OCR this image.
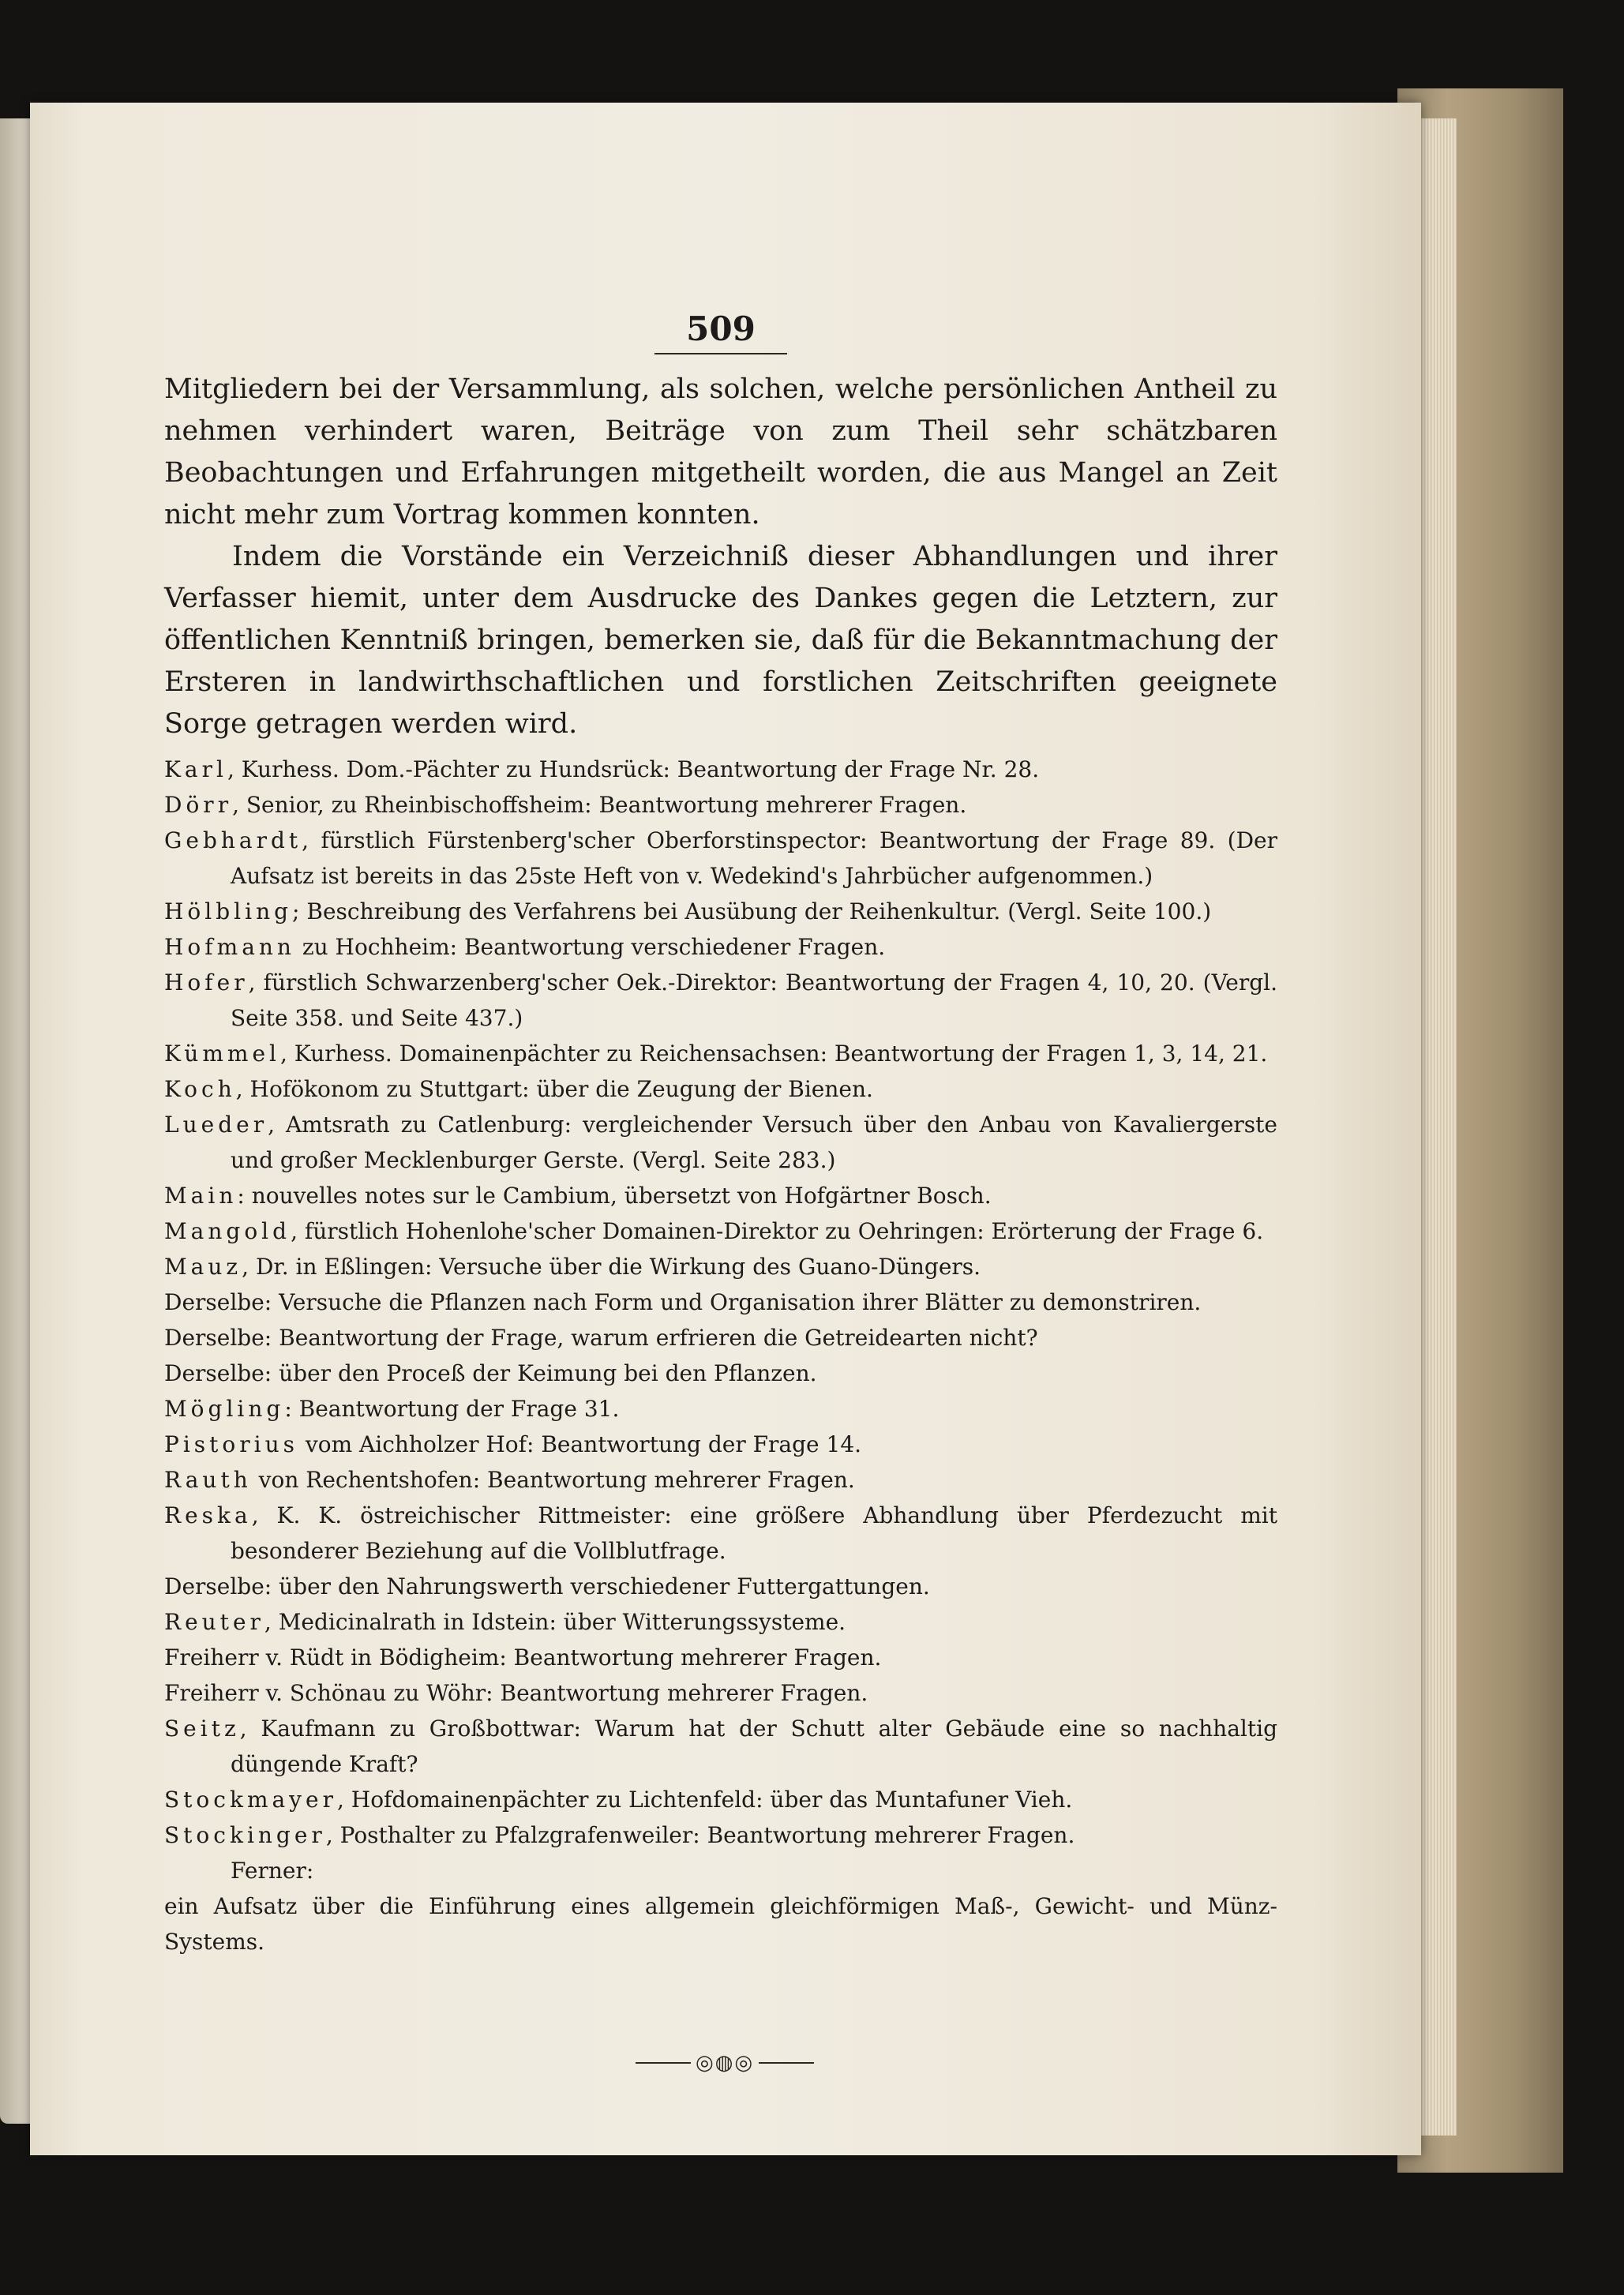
509

Mitgliedern bei der Versammlung, als solchen, welche persönlichen Antheil zu nehmen verhindert waren, Beiträge von zum Theil sehr schätzbaren Beobachtungen und Erfahrungen mitgetheilt worden, die aus Mangel an Zeit nicht mehr zum Vortrag kommen konnten.

Indem die Vorstände ein Verzeichniß dieser Abhandlungen und ihrer Verfasser hiemit, unter dem Ausdrucke des Dankes gegen die Letztern, zur öffentlichen Kenntniß bringen, bemerken sie, daß für die Bekanntmachung der Ersteren in landwirthschaftlichen und forstlichen Zeitschriften geeignete Sorge getragen werden wird.

Karl, Kurhess. Dom.-Pächter zu Hundsrück: Beantwortung der Frage Nr. 28.

Dörr, Senior, zu Rheinbischoffsheim: Beantwortung mehrerer Fragen.

Gebhardt, fürstlich Fürstenberg'scher Oberforstinspector: Beantwortung der Frage 89. (Der Aufsatz ist bereits in das 25ste Heft von v. Wedekind's Jahrbücher aufgenommen.)

Hölbling; Beschreibung des Verfahrens bei Ausübung der Reihenkultur. (Vergl. Seite 100.)

Hofmann zu Hochheim: Beantwortung verschiedener Fragen.

Hofer, fürstlich Schwarzenberg'scher Oek.-Direktor: Beantwortung der Fragen 4, 10, 20. (Vergl. Seite 358. und Seite 437.)

Kümmel, Kurhess. Domainenpächter zu Reichensachsen: Beantwortung der Fragen 1, 3, 14, 21.

Koch, Hofökonom zu Stuttgart: über die Zeugung der Bienen.

Lueder, Amtsrath zu Catlenburg: vergleichender Versuch über den Anbau von Kavaliergerste und großer Mecklenburger Gerste. (Vergl. Seite 283.)

Main: nouvelles notes sur le Cambium, übersetzt von Hofgärtner Bosch.

Mangold, fürstlich Hohenlohe'scher Domainen-Direktor zu Oehringen: Erörterung der Frage 6.

Mauz, Dr. in Eßlingen: Versuche über die Wirkung des Guano-Düngers.

Derselbe: Versuche die Pflanzen nach Form und Organisation ihrer Blätter zu demonstriren.

Derselbe: Beantwortung der Frage, warum erfrieren die Getreidearten nicht?

Derselbe: über den Proceß der Keimung bei den Pflanzen.

Mögling: Beantwortung der Frage 31.

Pistorius vom Aichholzer Hof: Beantwortung der Frage 14.

Rauth von Rechentshofen: Beantwortung mehrerer Fragen.

Reska, K. K. östreichischer Rittmeister: eine größere Abhandlung über Pferdezucht mit besonderer Beziehung auf die Vollblutfrage.

Derselbe: über den Nahrungswerth verschiedener Futtergattungen.

Reuter, Medicinalrath in Idstein: über Witterungssysteme.

Freiherr v. Rüdt in Bödigheim: Beantwortung mehrerer Fragen.

Freiherr v. Schönau zu Wöhr: Beantwortung mehrerer Fragen.

Seitz, Kaufmann zu Großbottwar: Warum hat der Schutt alter Gebäude eine so nachhaltig düngende Kraft?

Stockmayer, Hofdomainenpächter zu Lichtenfeld: über das Muntafuner Vieh.

Stockinger, Posthalter zu Pfalzgrafenweiler: Beantwortung mehrerer Fragen.

Ferner:

ein Aufsatz über die Einführung eines allgemein gleichförmigen Maß-, Gewicht- und Münz-Systems.

◎◍◎
